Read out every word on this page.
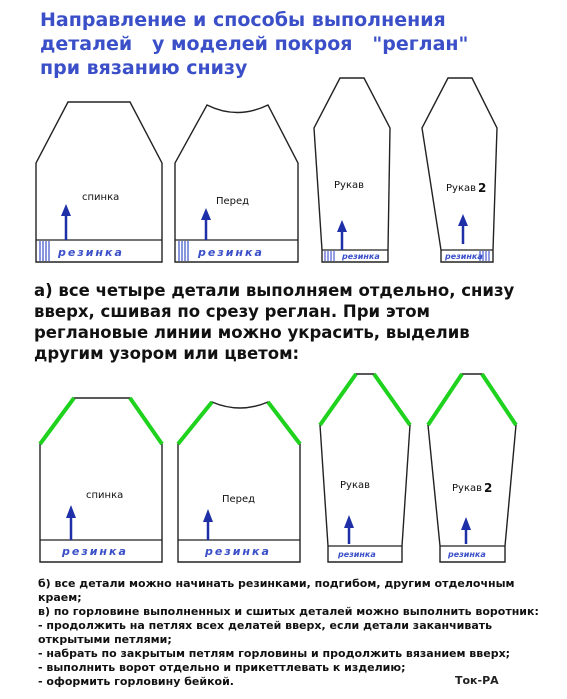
Направление и способы выполнения
деталей   у моделей покроя   "реглан"
при вязанию снизу
резинка
спинка
резинка
Перед
резинка
Рукав
резинка
Рукав 2
резинка
спинка
резинка
Перед
резинка
Рукав
резинка
Рукав 2

а) все четыре детали выполняем отдельно, снизу вверх, сшивая по срезу реглан. При этом реглановые линии можно украсить, выделив другим узором или цветом:

б) все детали можно начинать резинками, подгибом, другим отделочным краем;
в) по горловине выполненных и сшитых деталей можно выполнить воротник:
- продолжить на петлях всех делатей вверх, если детали заканчивать
открытыми петлями;
- набрать по закрытым петлям горловины и продолжить вязанием вверх;
- выполнить ворот отдельно и прикеттлевать к изделию;
- оформить горловину бейкой.	Ток-РА
